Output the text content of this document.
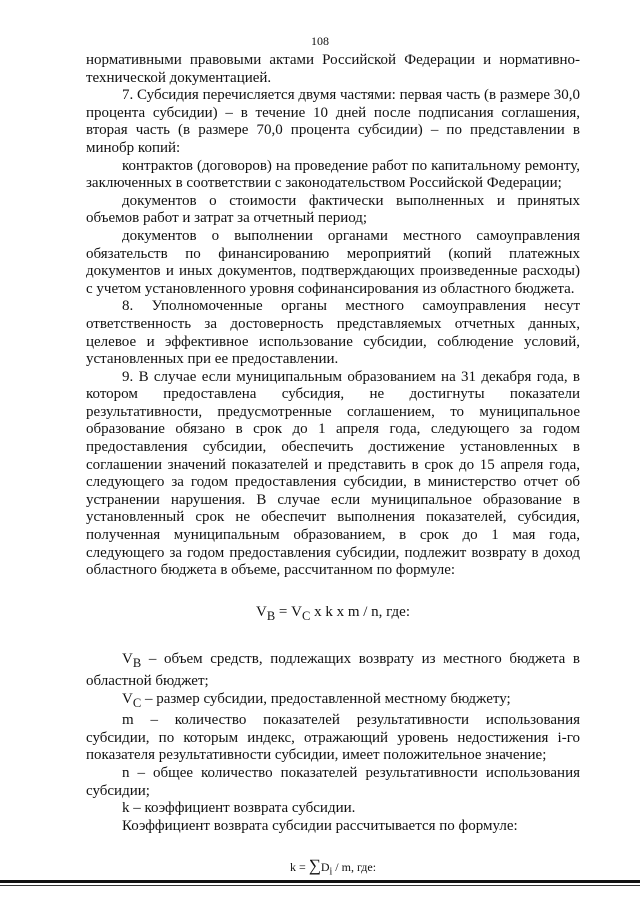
108

нормативными правовыми актами Российской Федерации и нормативно-технической документацией.

7. Субсидия перечисляется двумя частями: первая часть (в размере 30,0 процента субсидии) – в течение 10 дней после подписания соглашения, вторая часть (в размере 70,0 процента субсидии) – по представлении в минобр копий:

контрактов (договоров) на проведение работ по капитальному ремонту, заключенных в соответствии с законодательством Российской Федерации;

документов о стоимости фактически выполненных и принятых объемов работ и затрат за отчетный период;

документов о выполнении органами местного самоуправления обязательств по финансированию мероприятий (копий платежных документов и иных документов, подтверждающих произведенные расходы) с учетом установленного уровня софинансирования из областного бюджета.

8. Уполномоченные органы местного самоуправления несут ответственность за достоверность представляемых отчетных данных, целевое и эффективное использование субсидии, соблюдение условий, установленных при ее предоставлении.

9. В случае если муниципальным образованием на 31 декабря года, в котором предоставлена субсидия, не достигнуты показатели результативности, предусмотренные соглашением, то муниципальное образование обязано в срок до 1 апреля года, следующего за годом предоставления субсидии, обеспечить достижение установленных в соглашении значений показателей и представить в срок до 15 апреля года, следующего за годом предоставления субсидии, в министерство отчет об устранении нарушения. В случае если муниципальное образование в установленный срок не обеспечит выполнения показателей, субсидия, полученная муниципальным образованием, в срок до 1 мая года, следующего за годом предоставления субсидии, подлежит возврату в доход областного бюджета в объеме, рассчитанном по формуле:

$V_В = V_С$ x k x m / n, где:

$V_В$ – объем средств, подлежащих возврату из местного бюджета в областной бюджет;

$V_С$ – размер субсидии, предоставленной местному бюджету;

m – количество показателей результативности использования субсидии, по которым индекс, отражающий уровень недостижения i-го показателя результативности субсидии, имеет положительное значение;

n – общее количество показателей результативности использования субсидии;

k – коэффициент возврата субсидии.

Коэффициент возврата субсидии рассчитывается по формуле:

$k = \sum D_i / m$, где:
